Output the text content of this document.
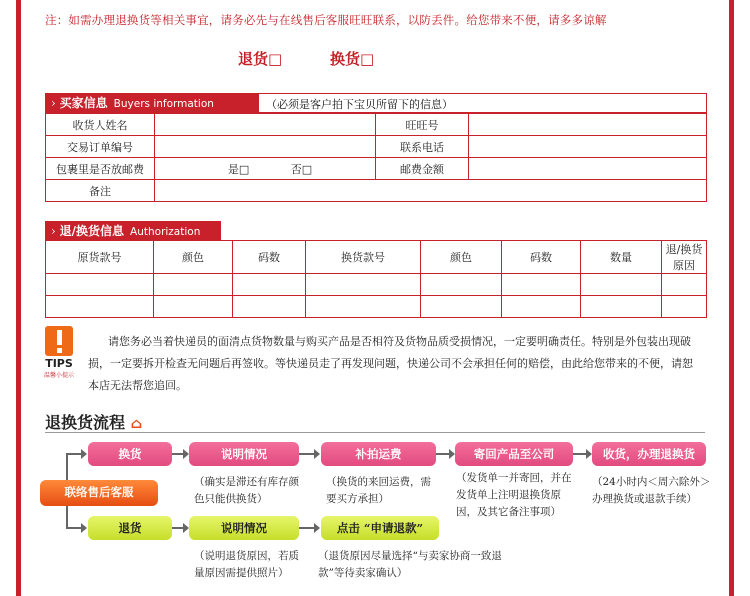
注：如需办理退换货等相关事宜，请务必先与在线售后客服旺旺联系，以防丢件。给您带来不便，请多多谅解
退货□	换货□
› 买家信息 Buyers information	（必须是客户拍下宝贝所留下的信息）
收货人姓名		旺旺号	
交易订单编号		联系电话	
包裹里是否放邮费	是□ 否□	邮费金额	
备注			
› 退/换货信息 Authorization
原货款号	颜色	码数	换货款号	颜色	码数	数量	退/换货原因

TIPS
温馨小提示
请您务必当着快递员的面清点货物数量与购买产品是否相符及货物品质受损情况，一定要明确责任。特别是外包装出现破损，一定要拆开检查无问题后再签收。等快递员走了再发现问题，快递公司不会承担任何的赔偿，由此给您带来的不便，请恕本店无法帮您追回。
退换货流程 ⌂
联络售后客服
换货	说明情况	补拍运费	寄回产品至公司	收货，办理退换货
（确实是滞还有库存颜色只能供换货）
（换货的来回运费，需要买方承担）
（发货单一并寄回，并在发货单上注明退换货原因，及其它备注事项）
（24小时内＜周六除外＞办理换货或退款手续）
退货	说明情况	点击 “申请退款”
（说明退货原因，若质量原因需提供照片）
（退货原因尽量选择“与卖家协商一致退款”等待卖家确认）
